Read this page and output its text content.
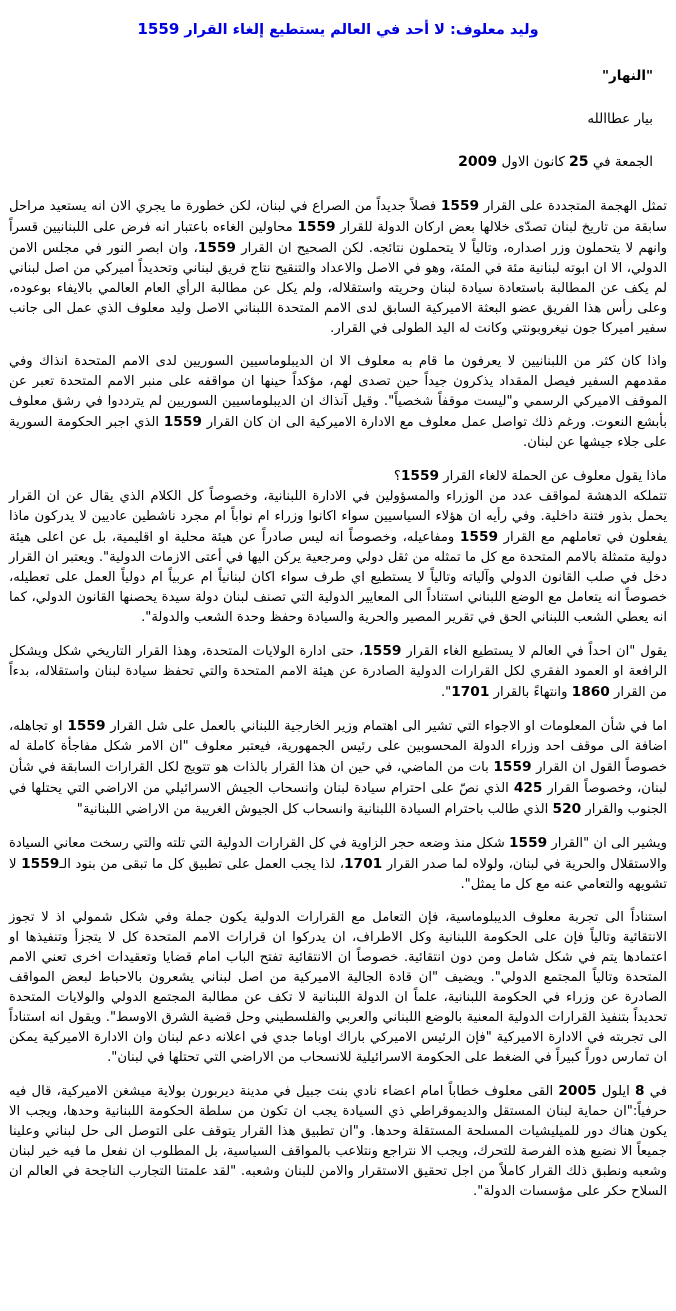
وليد معلوف: لا أحد في العالم يستطيع إلغاء القرار 1559
"النهار"
بيار عطاالله
الجمعة في 25 كانون الاول 2009

تمثل الهجمة المتجددة على القرار 1559 فصلاً جديداً من الصراع في لبنان، لكن خطورة ما يجري الان انه يستعيد مراحل سابقة من تاريخ لبنان تصدّى خلالها بعض اركان الدولة للقرار 1559 محاولين الغاءه باعتبار انه فرض على اللبنانيين قسراً وانهم لا يتحملون وزر اصداره، وتالياً لا يتحملون نتائجه. لكن الصحيح ان القرار 1559، وان ابصر النور في مجلس الامن الدولي، الا ان ابوته لبنانية مئة في المئة، وهو في الاصل والاعداد والتنقيح نتاج فريق لبناني وتحديداً اميركي من اصل لبناني لم يكف عن المطالبة باستعادة سيادة لبنان وحريته واستقلاله، ولم يكل عن مطالبة الرأي العام العالمي بالايفاء بوعوده، وعلى رأس هذا الفريق عضو البعثة الاميركية السابق لدى الامم المتحدة اللبناني الاصل وليد معلوف الذي عمل الى جانب سفير اميركا جون نيغروبونتي وكانت له اليد الطولى في القرار.

واذا كان كثر من اللبنانيين لا يعرفون ما قام به معلوف الا ان الديبلوماسيين السوريين لدى الامم المتحدة انذاك وفي مقدمهم السفير فيصل المقداد يذكرون جيداً حين تصدى لهم، مؤكداً حينها ان مواقفه على منبر الامم المتحدة تعبر عن الموقف الاميركي الرسمي و"ليست موقفاً شخصياً". وقيل آنذاك ان الديبلوماسيين السوريين لم يترددوا في رشق معلوف بأبشع النعوت. ورغم ذلك تواصل عمل معلوف مع الادارة الاميركية الى ان كان القرار 1559 الذي اجبر الحكومة السورية على جلاء جيشها عن لبنان.

ماذا يقول معلوف عن الحملة لالغاء القرار 1559؟
تتملكه الدهشة لمواقف عدد من الوزراء والمسؤولين في الادارة اللبنانية، وخصوصاً كل الكلام الذي يقال عن ان القرار يحمل بذور فتنة داخلية. وفي رأيه ان هؤلاء السياسيين سواء اكانوا وزراء ام نواباً ام مجرد ناشطين عاديين لا يدركون ماذا يفعلون في تعاملهم مع القرار 1559 ومفاعيله، وخصوصاً انه ليس صادراً عن هيئة محلية او اقليمية، بل عن اعلى هيئة دولية متمثلة بالامم المتحدة مع كل ما تمثله من ثقل دولي ومرجعية يركن اليها في أعتى الازمات الدولية". ويعتبر ان القرار دخل في صلب القانون الدولي وآلياته وتالياً لا يستطيع اي طرف سواء اكان لبنانياً ام عربياً ام دولياً العمل على تعطيله، خصوصاً انه يتعامل مع الوضع اللبناني استناداً الى المعايير الدولية التي تصنف لبنان دولة سيدة يحصنها القانون الدولي، كما انه يعطي الشعب اللبناني الحق في تقرير المصير والحرية والسيادة وحفظ وحدة الشعب والدولة".

يقول "ان احداً في العالم لا يستطيع الغاء القرار 1559، حتى ادارة الولايات المتحدة، وهذا القرار التاريخي شكل ويشكل الرافعة او العمود الفقري لكل القرارات الدولية الصادرة عن هيئة الامم المتحدة والتي تحفظ سيادة لبنان واستقلاله، بدءاً من القرار 1860 وانتهاءً بالقرار 1701".

اما في شأن المعلومات او الاجواء التي تشير الى اهتمام وزير الخارجية اللبناني بالعمل على شل القرار 1559 او تجاهله، اضافة الى موقف احد وزراء الدولة المحسوبين على رئيس الجمهورية، فيعتبر معلوف "ان الامر شكل مفاجأة كاملة له خصوصاً القول ان القرار 1559 بات من الماضي، في حين ان هذا القرار بالذات هو تتويج لكل القرارات السابقة في شأن لبنان، وخصوصاً القرار 425 الذي نصّ على احترام سيادة لبنان وانسحاب الجيش الاسرائيلي من الاراضي التي يحتلها في الجنوب والقرار 520 الذي طالب باحترام السيادة اللبنانية وانسحاب كل الجيوش الغريبة من الاراضي اللبنانية"

ويشير الى ان "القرار 1559 شكل منذ وضعه حجر الزاوية في كل القرارات الدولية التي تلته والتي رسخت معاني السيادة والاستقلال والحرية في لبنان، ولولاه لما صدر القرار 1701، لذا يجب العمل على تطبيق كل ما تبقى من بنود الـ1559 لا تشويهه والتعامي عنه مع كل ما يمثل".

استناداً الى تجربة معلوف الديبلوماسية، فإن التعامل مع القرارات الدولية يكون جملة وفي شكل شمولي اذ لا تجوز الانتقائية وتالياً فإن على الحكومة اللبنانية وكل الاطراف، ان يدركوا ان قرارات الامم المتحدة كل لا يتجزأ وتنفيذها او اعتمادها يتم في شكل شامل ومن دون انتقائية. خصوصاً ان الانتقائية تفتح الباب امام قضايا وتعقيدات اخرى تعني الامم المتحدة وتالياً المجتمع الدولي". ويضيف "ان قادة الجالية الاميركية من اصل لبناني يشعرون بالاحباط لبعض المواقف الصادرة عن وزراء في الحكومة اللبنانية، علماً ان الدولة اللبنانية لا تكف عن مطالبة المجتمع الدولي والولايات المتحدة تحديداً بتنفيذ القرارات الدولية المعنية بالوضع اللبناني والعربي والفلسطيني وحل قضية الشرق الاوسط". ويقول انه استناداً الى تجربته في الادارة الاميركية "فإن الرئيس الاميركي باراك اوباما جدي في اعلانه دعم لبنان وان الادارة الاميركية يمكن ان تمارس دوراً كبيراً في الضغط على الحكومة الاسرائيلية للانسحاب من الاراضي التي تحتلها في لبنان".

في 8 ايلول 2005 القى معلوف خطاباً امام اعضاء نادي بنت جبيل في مدينة ديربورن بولاية ميشغن الاميركية، قال فيه حرفياً:"ان حماية لبنان المستقل والديموقراطي ذي السيادة يجب ان تكون من سلطة الحكومة اللبنانية وحدها، ويجب الا يكون هناك دور للميليشيات المسلحة المستقلة وحدها. و"ان تطبيق هذا القرار يتوقف على التوصل الى حل لبناني وعلينا جميعاً الا نضيع هذه الفرصة للتحرك، ويجب الا نتراجع ونتلاعب بالمواقف السياسية، بل المطلوب ان نفعل ما فيه خير لبنان وشعبه ونطبق ذلك القرار كاملاً من اجل تحقيق الاستقرار والامن للبنان وشعبه. "لقد علمتنا التجارب الناجحة في العالم ان السلاح حكر على مؤسسات الدولة".
